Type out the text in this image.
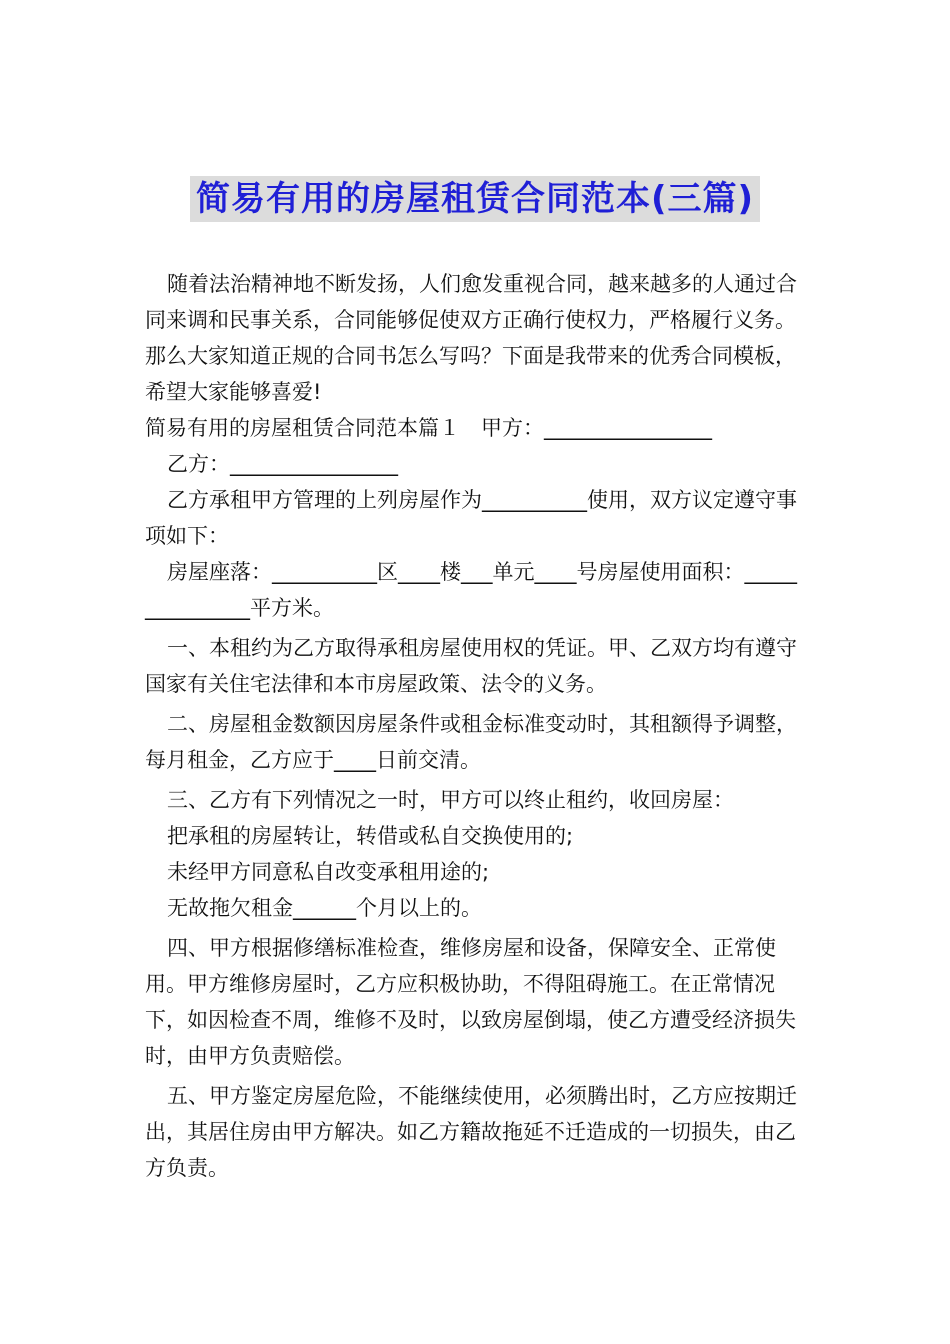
简易有用的房屋租赁合同范本(三篇)

随着法治精神地不断发扬，人们愈发重视合同，越来越多的人通过合同来调和民事关系，合同能够促使双方正确行使权力，严格履行义务。那么大家知道正规的合同书怎么写吗？下面是我带来的优秀合同模板，希望大家能够喜爱!

简易有用的房屋租赁合同范本篇１　甲方：________________

乙方：________________

乙方承租甲方管理的上列房屋作为__________使用，双方议定遵守事项如下：

房屋座落：__________区____楼___单元____号房屋使用面积：_______________平方米。

一、本租约为乙方取得承租房屋使用权的凭证。甲、乙双方均有遵守国家有关住宅法律和本市房屋政策、法令的义务。

二、房屋租金数额因房屋条件或租金标准变动时，其租额得予调整，每月租金，乙方应于____日前交清。

三、乙方有下列情况之一时，甲方可以终止租约，收回房屋：

把承租的房屋转让，转借或私自交换使用的;

未经甲方同意私自改变承租用途的;

无故拖欠租金______个月以上的。

四、甲方根据修缮标准检查，维修房屋和设备，保障安全、正常使用。甲方维修房屋时，乙方应积极协助，不得阻碍施工。在正常情况下，如因检查不周，维修不及时，以致房屋倒塌，使乙方遭受经济损失时，由甲方负责赔偿。

五、甲方鉴定房屋危险，不能继续使用，必须腾出时，乙方应按期迁出，其居住房由甲方解决。如乙方籍故拖延不迁造成的一切损失，由乙方负责。
